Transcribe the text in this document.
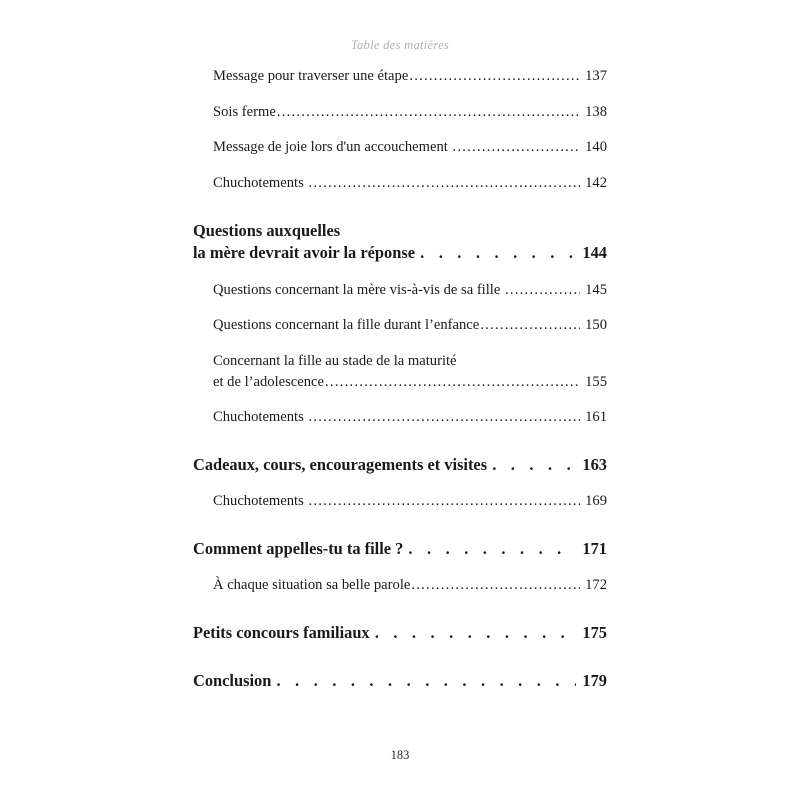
Table des matières
Message pour traverser une étape . . .	137
Sois ferme . . .	138
Message de joie lors d'un accouchement . . .	140
Chuchotements . . .	142
Questions auxquelles
la mère devrait avoir la réponse . . .	144
Questions concernant la mère vis-à-vis de sa fille . . .	145
Questions concernant la fille durant l’enfance . . .	150
Concernant la fille au stade de la maturité
et de l’adolescence . . .	155
Chuchotements . . .	161
Cadeaux, cours, encouragements et visites . . .	163
Chuchotements . . .	169
Comment appelles-tu ta fille ? . . .	171
À chaque situation sa belle parole . . .	172
Petits concours familiaux . . .	175
Conclusion . . .	179
183
